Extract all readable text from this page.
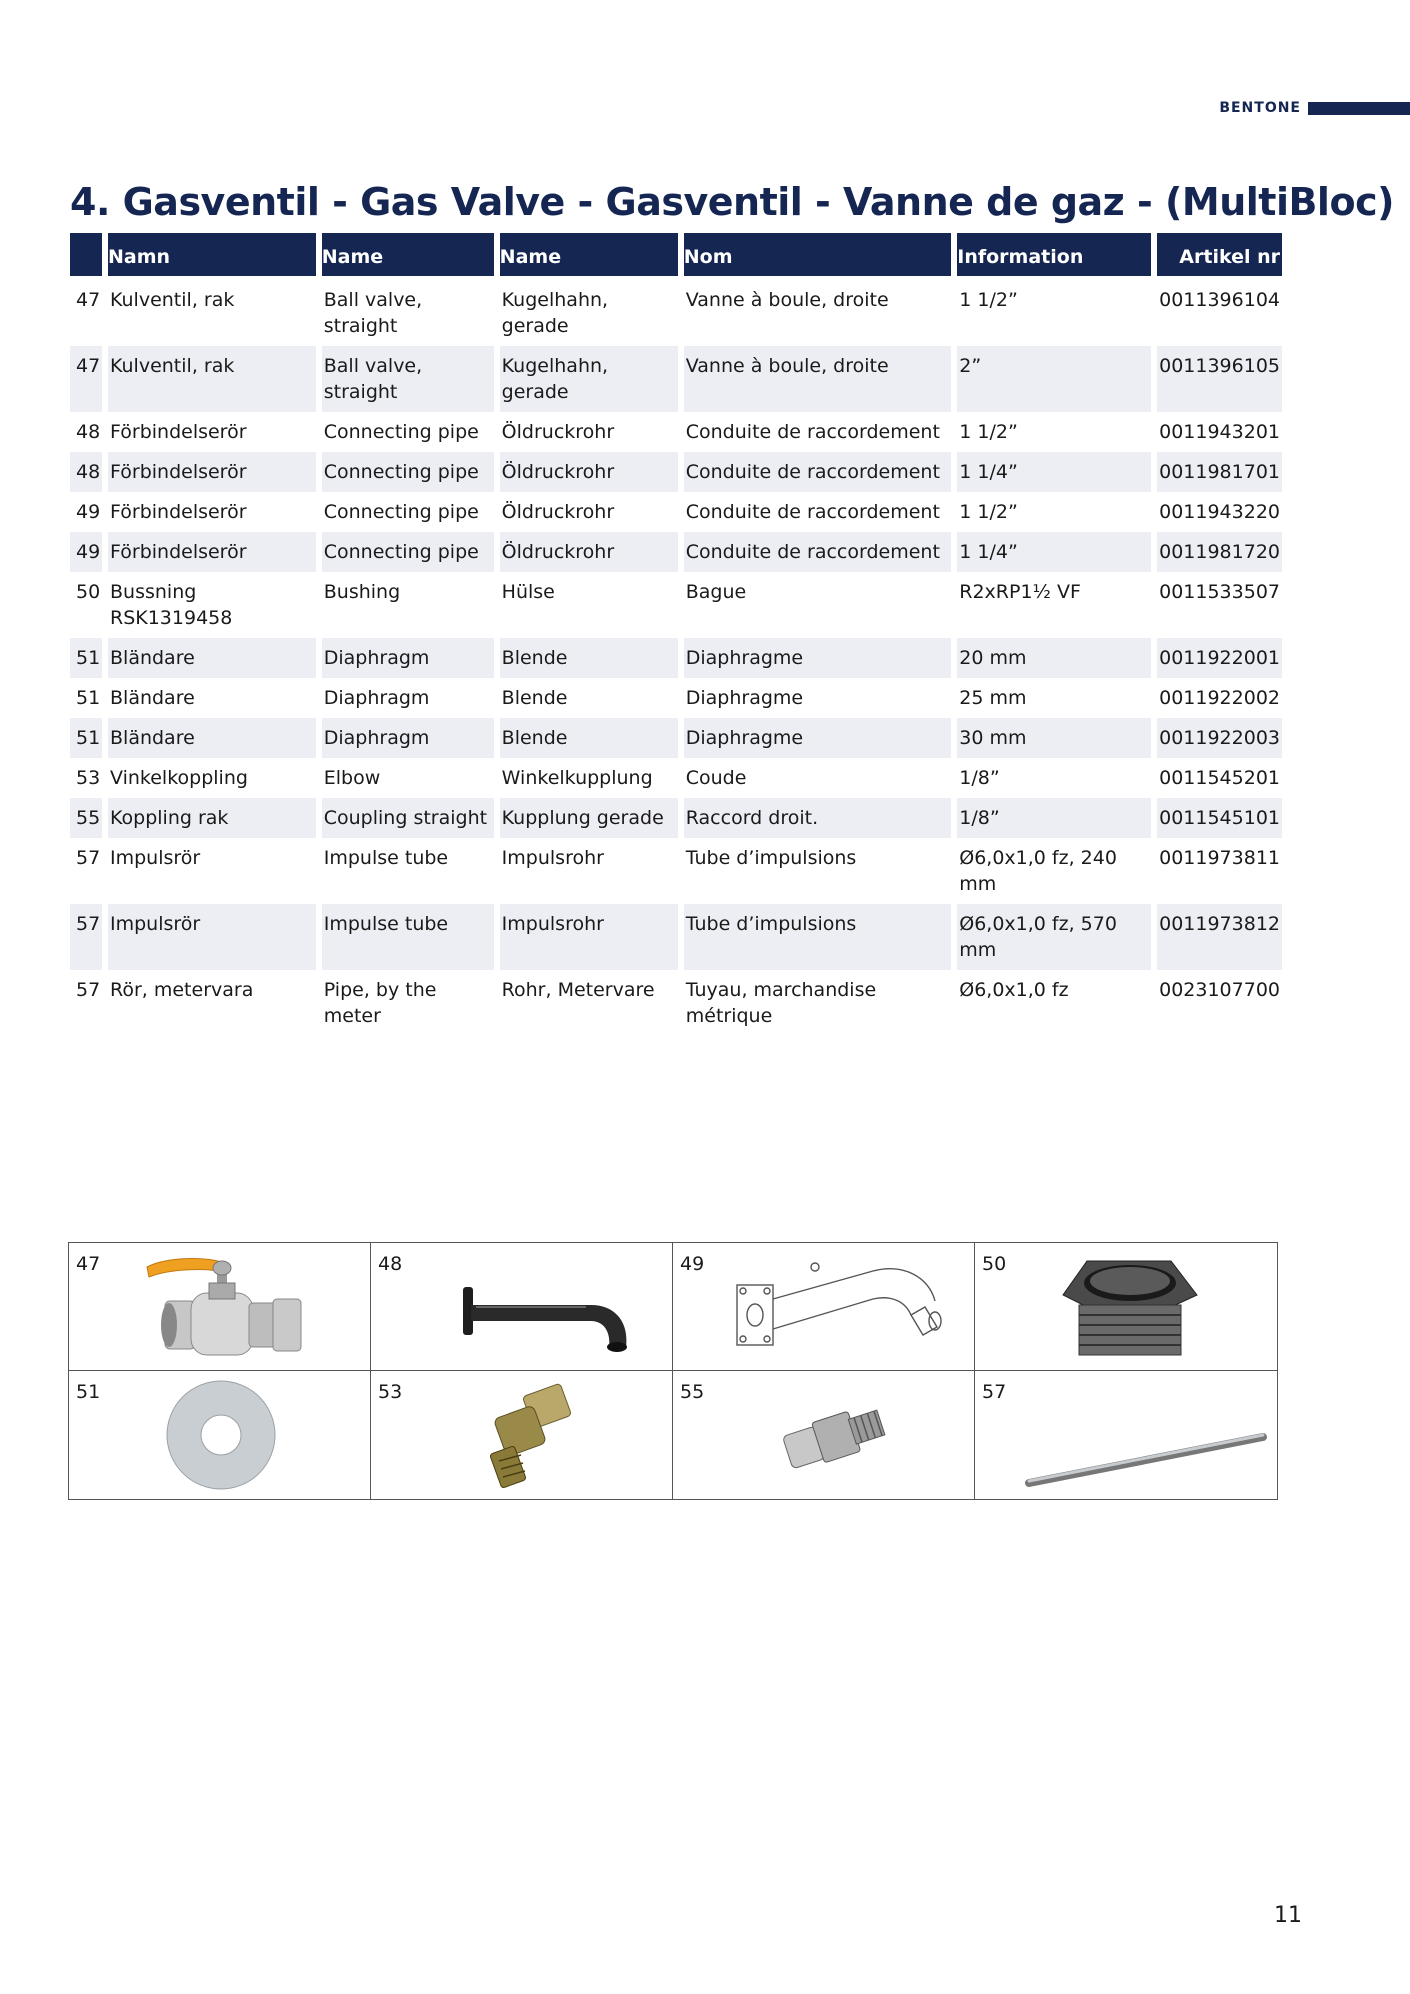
BENTONE
4. Gasventil - Gas Valve - Gasventil - Vanne de gaz - (MultiBloc)
	Namn	Name	Name	Nom	Information	Artikel nr
47	Kulventil, rak	Ball valve, straight	Kugelhahn, gerade	Vanne à boule, droite	1 1/2”	0011396104
47	Kulventil, rak	Ball valve, straight	Kugelhahn, gerade	Vanne à boule, droite	2”	0011396105
48	Förbindelserör	Connecting pipe	Öldruckrohr	Conduite de raccordement	1 1/2”	0011943201
48	Förbindelserör	Connecting pipe	Öldruckrohr	Conduite de raccordement	1 1/4”	0011981701
49	Förbindelserör	Connecting pipe	Öldruckrohr	Conduite de raccordement	1 1/2”	0011943220
49	Förbindelserör	Connecting pipe	Öldruckrohr	Conduite de raccordement	1 1/4”	0011981720
50	Bussning RSK1319458	Bushing	Hülse	Bague	R2xRP1½ VF	0011533507
51	Bländare	Diaphragm	Blende	Diaphragme	20 mm	0011922001
51	Bländare	Diaphragm	Blende	Diaphragme	25 mm	0011922002
51	Bländare	Diaphragm	Blende	Diaphragme	30 mm	0011922003
53	Vinkelkoppling	Elbow	Winkelkupplung	Coude	1/8”	0011545201
55	Koppling rak	Coupling straight	Kupplung gerade	Raccord droit.	1/8”	0011545101
57	Impulsrör	Impulse tube	Impulsrohr	Tube d’impulsions	Ø6,0x1,0 fz, 240 mm	0011973811
57	Impulsrör	Impulse tube	Impulsrohr	Tube d’impulsions	Ø6,0x1,0 fz, 570 mm	0011973812
57	Rör, metervara	Pipe, by the meter	Rohr, Metervare	Tuyau, marchandise métrique	Ø6,0x1,0 fz	0023107700
47	48	49	50
51	53	55	57
11
